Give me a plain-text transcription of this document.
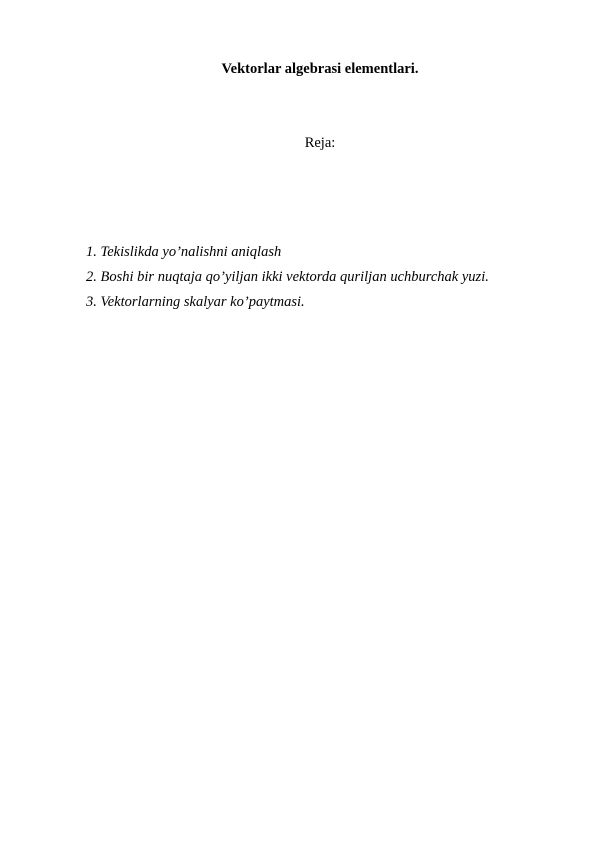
Vektorlar algebrasi elementlari.
Reja:
1. Tekislikda yo’nalishni aniqlash
2. Boshi bir nuqtaja qo’yiljan ikki vektorda quriljan uchburchak yuzi.
3. Vektorlarning skalyar ko’paytmasi.
